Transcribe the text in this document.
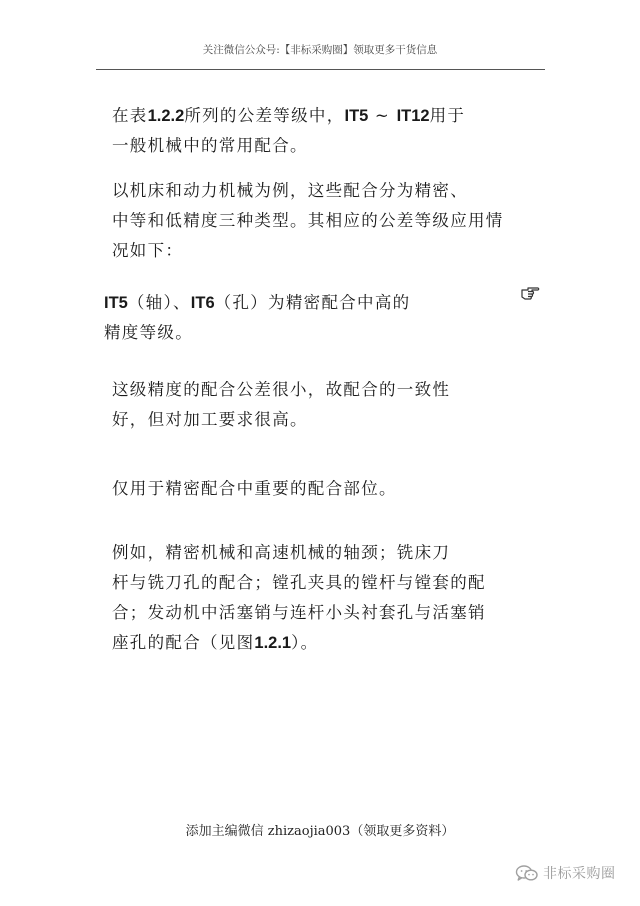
关注微信公众号:【非标采购圈】领取更多干货信息

在表1.2.2所列的公差等级中，IT5 ~ IT12用于
一般机械中的常用配合。

以机床和动力机械为例，这些配合分为精密、
中等和低精度三种类型。其相应的公差等级应用情
况如下：

IT5（轴）、IT6（孔）为精密配合中高的
精度等级。

这级精度的配合公差很小，故配合的一致性
好，但对加工要求很高。

仅用于精密配合中重要的配合部位。

例如，精密机械和高速机械的轴颈；铣床刀
杆与铣刀孔的配合；镗孔夹具的镗杆与镗套的配
合；发动机中活塞销与连杆小头衬套孔与活塞销
座孔的配合（见图1.2.1）。

添加主编微信 zhizaojia003（领取更多资料）
非标采购圈
